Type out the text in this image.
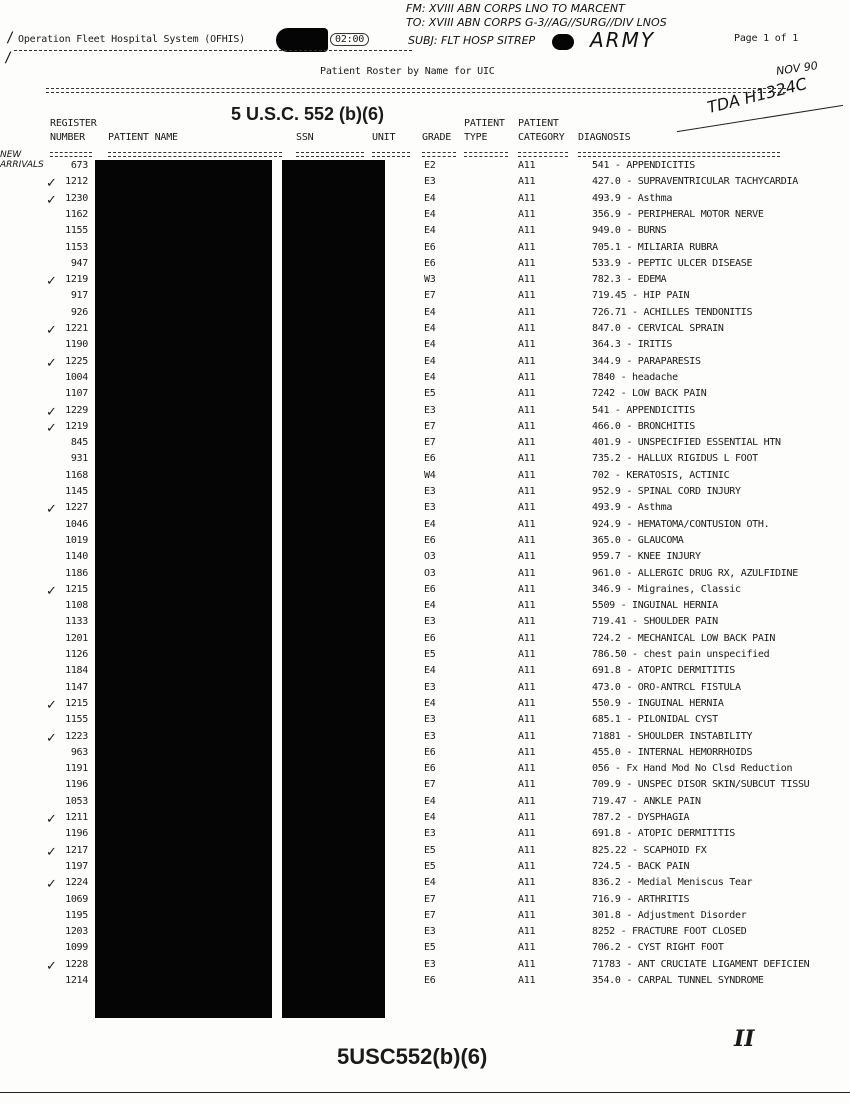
FM: XVIII ABN CORPS LNO TO MARCENT
TO: XVIII ABN CORPS G-3//AG//SURG//DIV LNOS
SUBJ: FLT HOSP SITREP	ARMY
/ Operation Fleet Hospital System (OFHIS)	02:00	Page 1 of 1
/
Patient Roster by Name for UIC	NOV 90
TDA H1324C
5 U.S.C. 552 (b)(6)
REGISTER
NUMBER PATIENT NAME	SSN	UNIT	GRADE
PATIENT
TYPE
PATIENT
CATEGORY DIAGNOSIS
NEW ARRIVALS	673	E2	A11	541 - APPENDICITIS
✓ 1212	E3	A11	427.0 - SUPRAVENTRICULAR TACHYCARDIA
✓ 1230	E4	A11	493.9 - Asthma
1162	E4	A11	356.9 - PERIPHERAL MOTOR NERVE
1155	E4	A11	949.0 - BURNS
1153	E6	A11	705.1 - MILIARIA RUBRA
947	E6	A11	533.9 - PEPTIC ULCER DISEASE
✓ 1219	W3	A11	782.3 - EDEMA
917	E7	A11	719.45 - HIP PAIN
926	E4	A11	726.71 - ACHILLES TENDONITIS
✓ 1221	E4	A11	847.0 - CERVICAL SPRAIN
1190	E4	A11	364.3 - IRITIS
✓ 1225	E4	A11	344.9 - PARAPARESIS
1004	E4	A11	7840 - headache
1107	E5	A11	7242 - LOW BACK PAIN
✓ 1229	E3	A11	541 - APPENDICITIS
✓ 1219	E7	A11	466.0 - BRONCHITIS
845	E7	A11	401.9 - UNSPECIFIED ESSENTIAL HTN
931	E6	A11	735.2 - HALLUX RIGIDUS L FOOT
1168	W4	A11	702 - KERATOSIS, ACTINIC
1145	E3	A11	952.9 - SPINAL CORD INJURY
✓ 1227	E3	A11	493.9 - Asthma
1046	E4	A11	924.9 - HEMATOMA/CONTUSION OTH.
1019	E6	A11	365.0 - GLAUCOMA
1140	O3	A11	959.7 - KNEE INJURY
1186	O3	A11	961.0 - ALLERGIC DRUG RX, AZULFIDINE
✓ 1215	E6	A11	346.9 - Migraines, Classic
1108	E4	A11	5509 - INGUINAL HERNIA
1133	E3	A11	719.41 - SHOULDER PAIN
1201	E6	A11	724.2 - MECHANICAL LOW BACK PAIN
1126	E5	A11	786.50 - chest pain unspecified
1184	E4	A11	691.8 - ATOPIC DERMITITIS
1147	E3	A11	473.0 - ORO-ANTRCL FISTULA
✓ 1215	E4	A11	550.9 - INGUINAL HERNIA
1155	E3	A11	685.1 - PILONIDAL CYST
✓ 1223	E3	A11	71881 - SHOULDER INSTABILITY
963	E6	A11	455.0 - INTERNAL HEMORRHOIDS
1191	E6	A11	056 - Fx Hand Mod No Clsd Reduction
1196	E7	A11	709.9 - UNSPEC DISOR SKIN/SUBCUT TISSU
1053	E4	A11	719.47 - ANKLE PAIN
✓ 1211	E4	A11	787.2 - DYSPHAGIA
1196	E3	A11	691.8 - ATOPIC DERMITITIS
✓ 1217	E5	A11	825.22 - SCAPHOID FX
1197	E5	A11	724.5 - BACK PAIN
✓ 1224	E4	A11	836.2 - Medial Meniscus Tear
1069	E7	A11	716.9 - ARTHRITIS
1195	E7	A11	301.8 - Adjustment Disorder
1203	E3	A11	8252 - FRACTURE FOOT CLOSED
1099	E5	A11	706.2 - CYST RIGHT FOOT
✓ 1228	E3	A11	71783 - ANT CRUCIATE LIGAMENT DEFICIEN
1214	E6	A11	354.0 - CARPAL TUNNEL SYNDROME
II
5USC552(b)(6)
